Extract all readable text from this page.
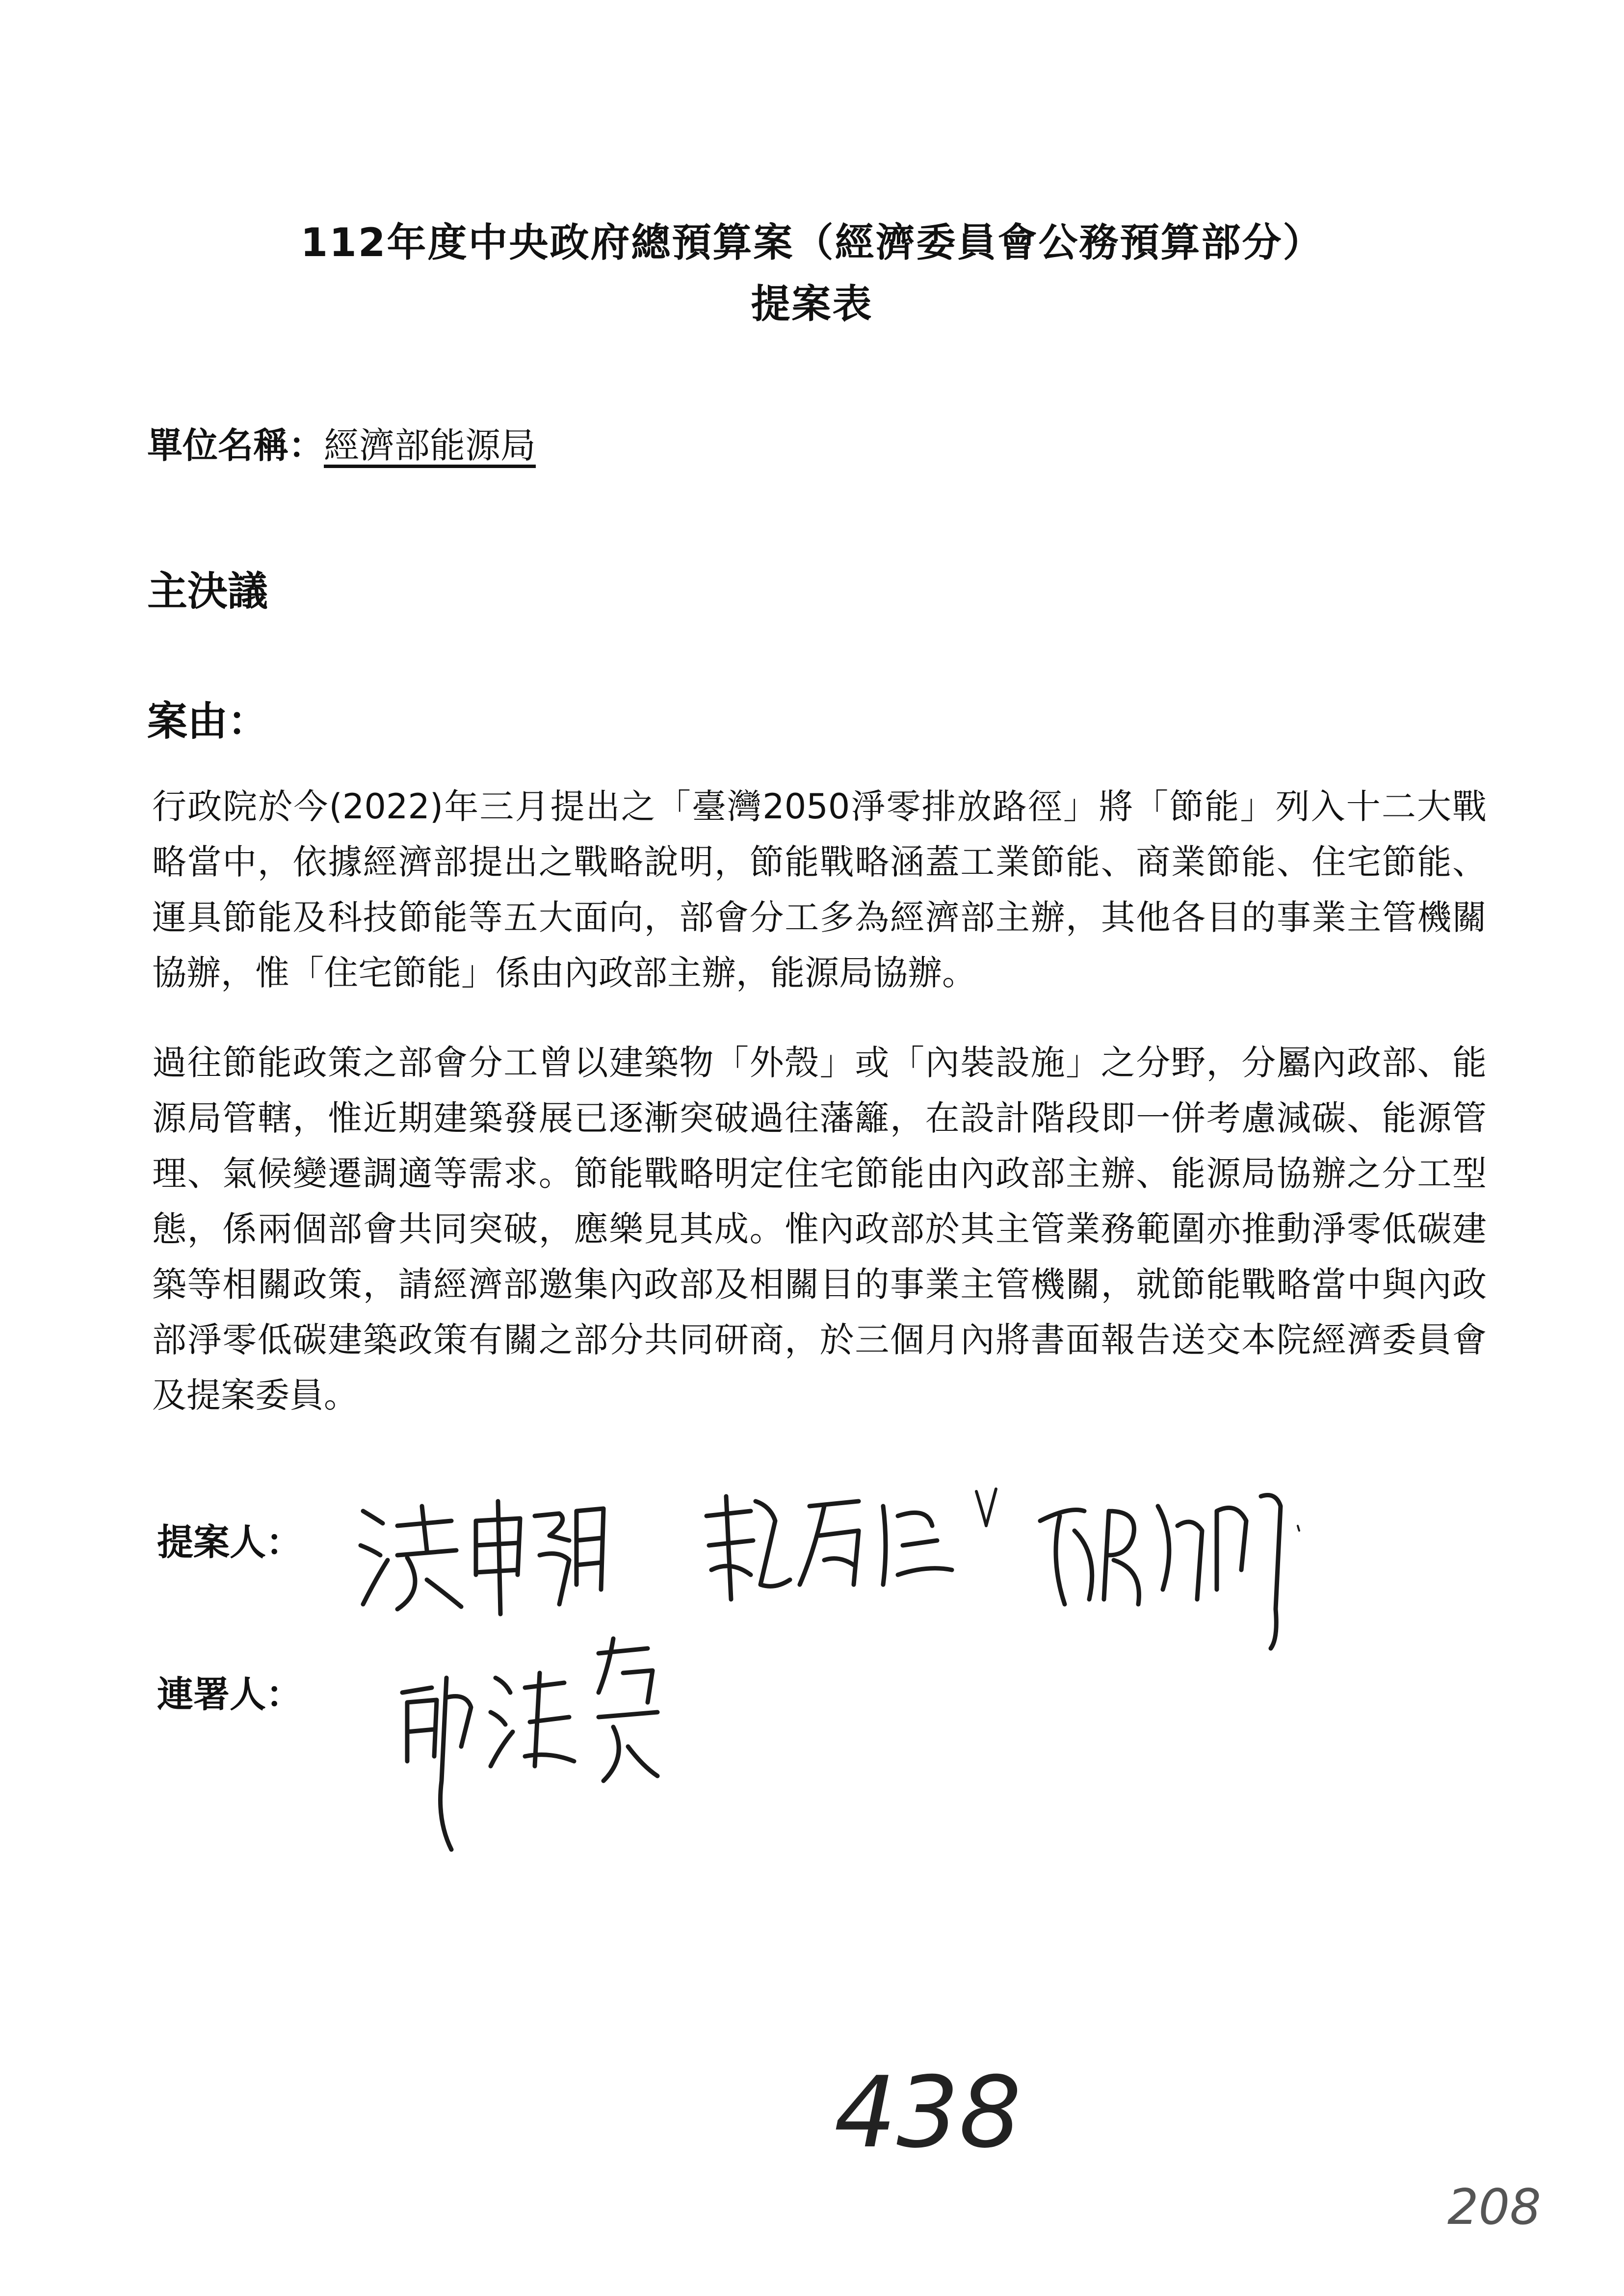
112年度中央政府總預算案（經濟委員會公務預算部分）
提案表
單位名稱：經濟部能源局
主決議
案由：

行政院於今(2022)年三月提出之「臺灣2050淨零排放路徑」將「節能」列入十二大戰略當中，依據經濟部提出之戰略說明，節能戰略涵蓋工業節能、商業節能、住宅節能、運具節能及科技節能等五大面向，部會分工多為經濟部主辦，其他各目的事業主管機關協辦，惟「住宅節能」係由內政部主辦，能源局協辦。

過往節能政策之部會分工曾以建築物「外殼」或「內裝設施」之分野，分屬內政部、能源局管轄，惟近期建築發展已逐漸突破過往藩籬，在設計階段即一併考慮減碳、能源管理、氣候變遷調適等需求。節能戰略明定住宅節能由內政部主辦、能源局協辦之分工型態，係兩個部會共同突破，應樂見其成。惟內政部於其主管業務範圍亦推動淨零低碳建築等相關政策，請經濟部邀集內政部及相關目的事業主管機關，就節能戰略當中與內政部淨零低碳建築政策有關之部分共同研商，於三個月內將書面報告送交本院經濟委員會及提案委員。

提案人：
連署人：
438
208
